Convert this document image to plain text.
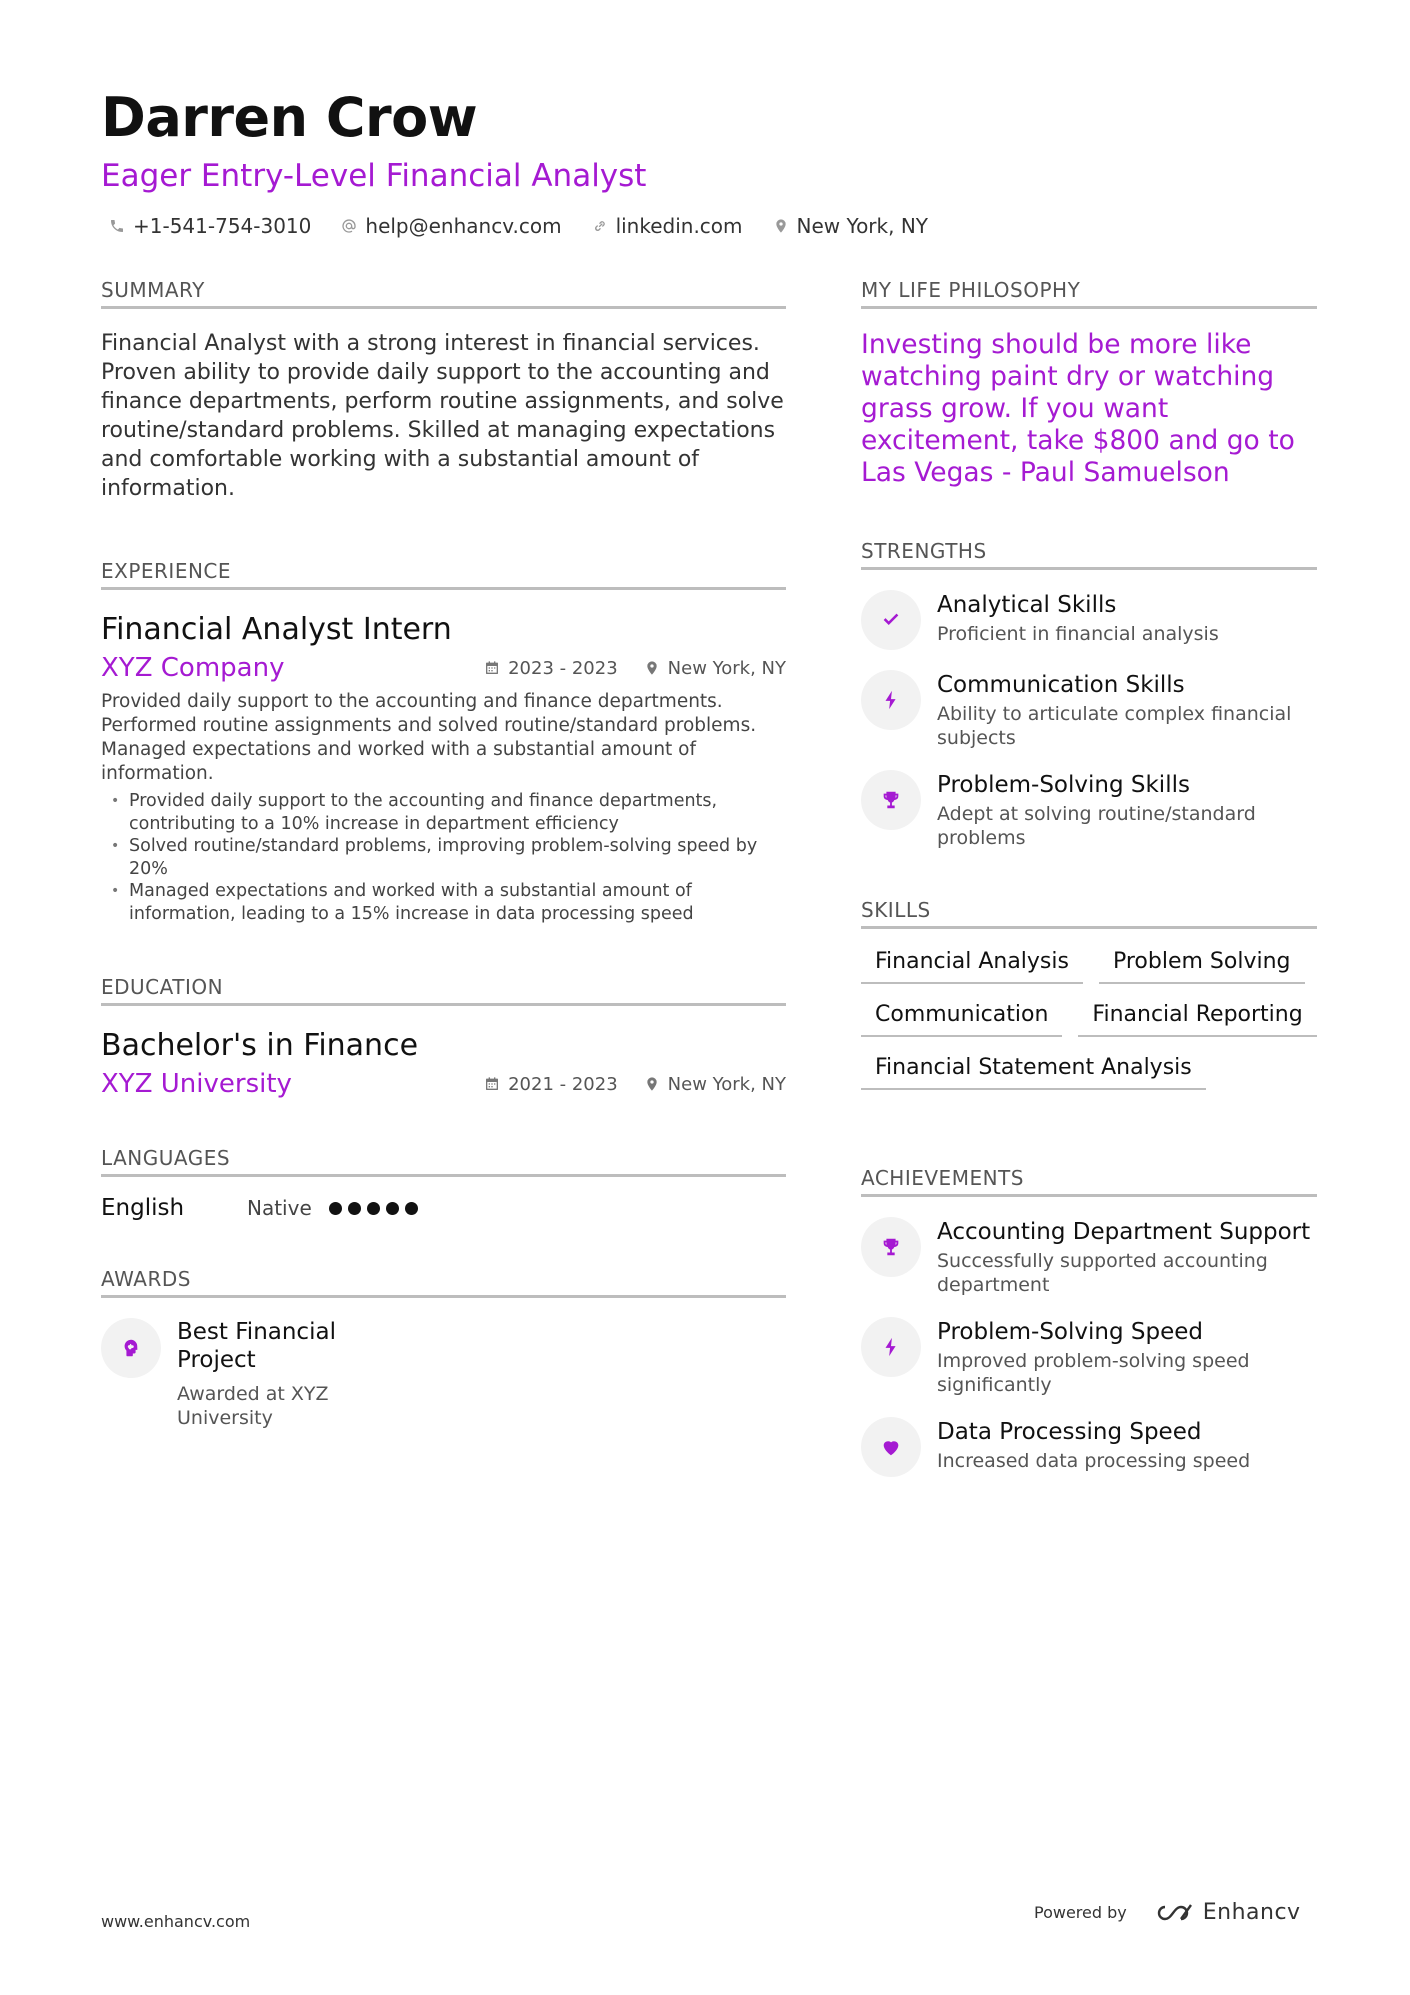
Darren Crow
Eager Entry-Level Financial Analyst
+1-541-754-3010	help@enhancv.com	linkedin.com	New York, NY
SUMMARY
Financial Analyst with a strong interest in financial services. Proven ability to provide daily support to the accounting and finance departments, perform routine assignments, and solve routine/standard problems. Skilled at managing expectations and comfortable working with a substantial amount of information.
EXPERIENCE
Financial Analyst Intern
XYZ Company	2023 - 2023	New York, NY
Provided daily support to the accounting and finance departments. Performed routine assignments and solved routine/standard problems. Managed expectations and worked with a substantial amount of information.
• Provided daily support to the accounting and finance departments, contributing to a 10% increase in department efficiency
• Solved routine/standard problems, improving problem-solving speed by 20%
• Managed expectations and worked with a substantial amount of information, leading to a 15% increase in data processing speed
EDUCATION
Bachelor's in Finance
XYZ University	2021 - 2023	New York, NY
LANGUAGES
English	Native
AWARDS
Best Financial Project
Awarded at XYZ University
MY LIFE PHILOSOPHY
Investing should be more like watching paint dry or watching grass grow. If you want excitement, take $800 and go to Las Vegas - Paul Samuelson
STRENGTHS
Analytical Skills
Proficient in financial analysis
Communication Skills
Ability to articulate complex financial subjects
Problem-Solving Skills
Adept at solving routine/standard problems
SKILLS
Financial Analysis	Problem Solving
Communication	Financial Reporting
Financial Statement Analysis
ACHIEVEMENTS
Accounting Department Support
Successfully supported accounting department
Problem-Solving Speed
Improved problem-solving speed significantly
Data Processing Speed
Increased data processing speed
www.enhancv.com	Powered by	Enhancv
